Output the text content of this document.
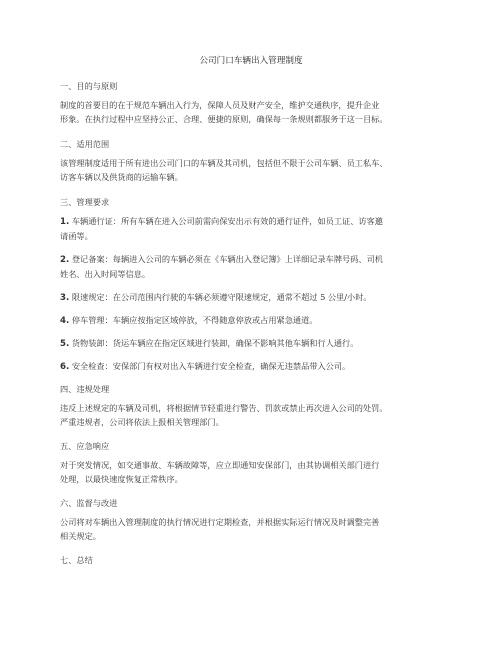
公司门口车辆出入管理制度
一、目的与原则
制度的首要目的在于规范车辆出入行为，保障人员及财产安全，维护交通秩序，提升企业
形象。在执行过程中应坚持公正、合理、便捷的原则，确保每一条规则都服务于这一目标。
二、适用范围
该管理制度适用于所有进出公司门口的车辆及其司机，包括但不限于公司车辆、员工私车、
访客车辆以及供货商的运输车辆。
三、管理要求
1. 车辆通行证：所有车辆在进入公司前需向保安出示有效的通行证件，如员工证、访客邀
请函等。
2. 登记备案：每辆进入公司的车辆必须在《车辆出入登记簿》上详细记录车牌号码、司机
姓名、出入时间等信息。
3. 限速规定：在公司范围内行驶的车辆必须遵守限速规定，通常不超过 5 公里/小时。
4. 停车管理：车辆应按指定区域停放，不得随意停放或占用紧急通道。
5. 货物装卸：货运车辆应在指定区域进行装卸，确保不影响其他车辆和行人通行。
6. 安全检查：安保部门有权对出入车辆进行安全检查，确保无违禁品带入公司。
四、违规处理
违反上述规定的车辆及司机，将根据情节轻重进行警告、罚款或禁止再次进入公司的处罚。
严重违规者，公司将依法上报相关管理部门。
五、应急响应
对于突发情况，如交通事故、车辆故障等，应立即通知安保部门，由其协调相关部门进行
处理，以最快速度恢复正常秩序。
六、监督与改进
公司将对车辆出入管理制度的执行情况进行定期检查，并根据实际运行情况及时调整完善
相关规定。
七、总结
